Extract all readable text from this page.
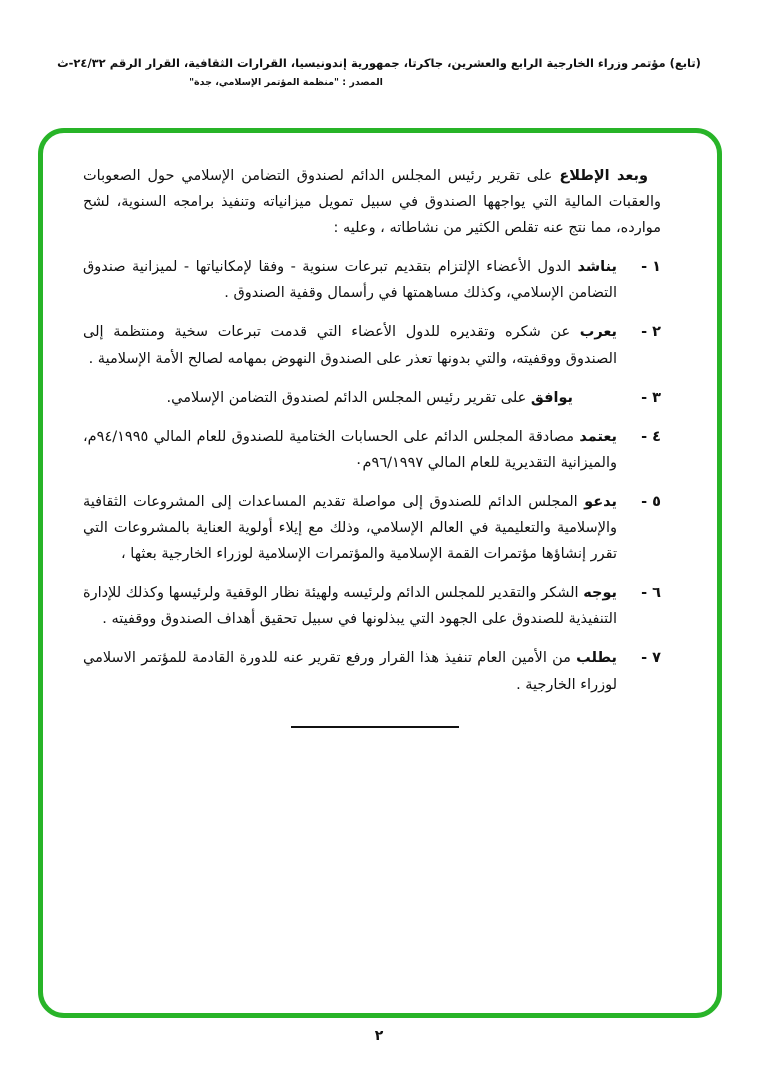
(تابع) مؤتمر وزراء الخارجية الرابع والعشرين، جاكرتا، جمهورية إندونيسيا، القرارات الثقافية، القرار الرقم ٢٤/٣٢-ث
المصدر : "منظمة المؤتمر الإسلامي، جدة"

وبعد الإطلاع على تقرير رئيس المجلس الدائم لصندوق التضامن الإسلامي حول الصعوبات والعقبات المالية التي يواجهها الصندوق في سبيل تمويل ميزانياته وتنفيذ برامجه السنوية، لشح موارده، مما نتج عنه تقلص الكثير من نشاطاته ، وعليه :

١ -
يناشد الدول الأعضاء الإلتزام بتقديم تبرعات سنوية - وفقا لإمكانياتها - لميزانية صندوق التضامن الإسلامي، وكذلك مساهمتها في رأسمال وقفية الصندوق .
٢ -
يعرب عن شكره وتقديره للدول الأعضاء التي قدمت تبرعات سخية ومنتظمة إلى الصندوق ووقفيته، والتي بدونها تعذر على الصندوق النهوض بمهامه لصالح الأمة الإسلامية .
٣ -
يوافق على تقرير رئيس المجلس الدائم لصندوق التضامن الإسلامي.
٤ -
يعتمد مصادقة المجلس الدائم على الحسابات الختامية للصندوق للعام المالي ٩٤/١٩٩٥م، والميزانية التقديرية للعام المالي ٩٦/١٩٩٧م٠
٥ -
يدعو المجلس الدائم للصندوق إلى مواصلة تقديم المساعدات إلى المشروعات الثقافية والإسلامية والتعليمية في العالم الإسلامي، وذلك مع إيلاء أولوية العناية بالمشروعات التي تقرر إنشاؤها مؤتمرات القمة الإسلامية والمؤتمرات الإسلامية لوزراء الخارجية بعثها ،
٦ -
يوجه الشكر والتقدير للمجلس الدائم ولرئيسه ولهيئة نظار الوقفية ولرئيسها وكذلك للإدارة التنفيذية للصندوق على الجهود التي يبذلونها في سبيل تحقيق أهداف الصندوق ووقفيته .
٧ -
يطلب من الأمين العام تنفيذ هذا القرار ورفع تقرير عنه للدورة القادمة للمؤتمر الاسلامي لوزراء الخارجية .
٢
